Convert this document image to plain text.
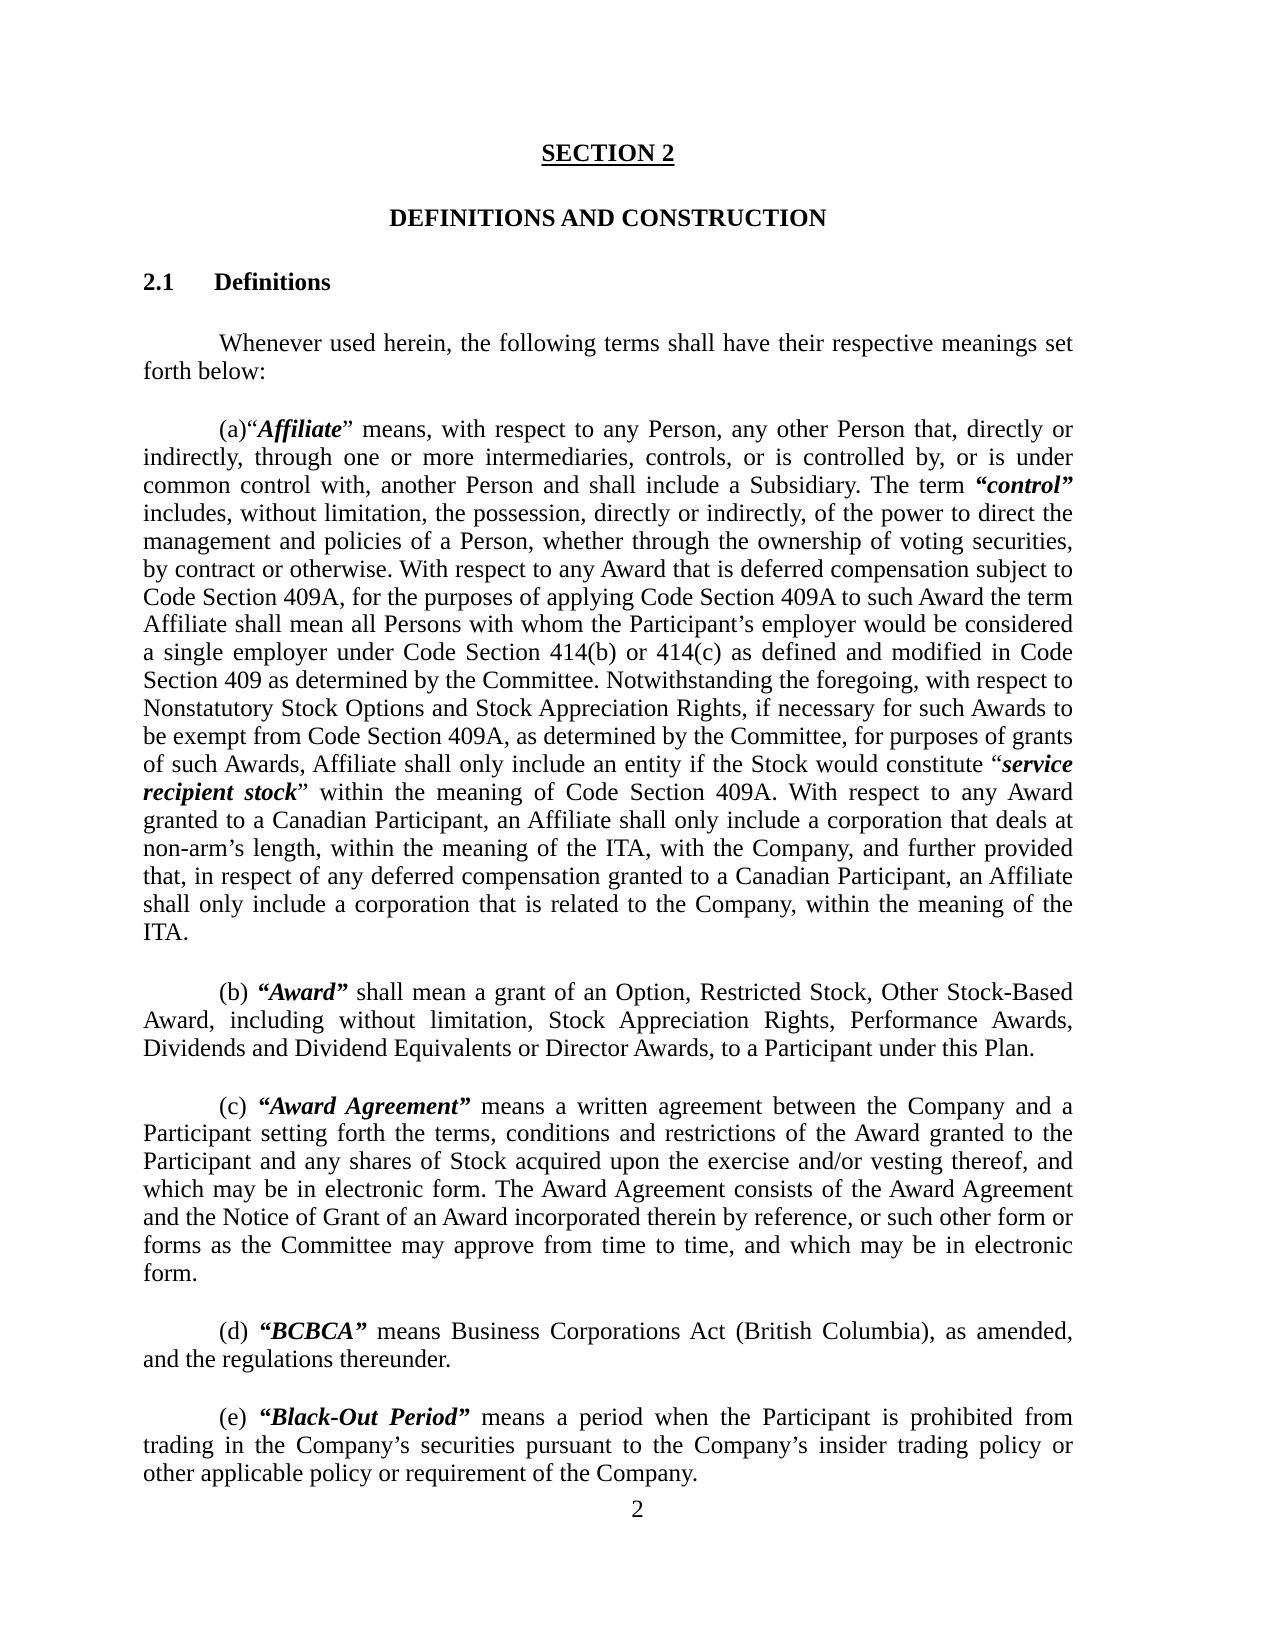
SECTION 2
DEFINITIONS AND CONSTRUCTION
2.1	Definitions

Whenever used herein, the following terms shall have their respective meanings set forth below:

(a)“Affiliate” means, with respect to any Person, any other Person that, directly or indirectly, through one or more intermediaries, controls, or is controlled by, or is under common control with, another Person and shall include a Subsidiary. The term “control” includes, without limitation, the possession, directly or indirectly, of the power to direct the management and policies of a Person, whether through the ownership of voting securities, by contract or otherwise. With respect to any Award that is deferred compensation subject to Code Section 409A, for the purposes of applying Code Section 409A to such Award the term Affiliate shall mean all Persons with whom the Participant’s employer would be considered a single employer under Code Section 414(b) or 414(c) as defined and modified in Code Section 409 as determined by the Committee. Notwithstanding the foregoing, with respect to Nonstatutory Stock Options and Stock Appreciation Rights, if necessary for such Awards to be exempt from Code Section 409A, as determined by the Committee, for purposes of grants of such Awards, Affiliate shall only include an entity if the Stock would constitute “service recipient stock” within the meaning of Code Section 409A. With respect to any Award granted to a Canadian Participant, an Affiliate shall only include a corporation that deals at non-arm’s length, within the meaning of the ITA, with the Company, and further provided that, in respect of any deferred compensation granted to a Canadian Participant, an Affiliate shall only include a corporation that is related to the Company, within the meaning of the ITA.

(b) “Award” shall mean a grant of an Option, Restricted Stock, Other Stock-Based Award, including without limitation, Stock Appreciation Rights, Performance Awards, Dividends and Dividend Equivalents or Director Awards, to a Participant under this Plan.

(c) “Award Agreement” means a written agreement between the Company and a Participant setting forth the terms, conditions and restrictions of the Award granted to the Participant and any shares of Stock acquired upon the exercise and/or vesting thereof, and which may be in electronic form. The Award Agreement consists of the Award Agreement and the Notice of Grant of an Award incorporated therein by reference, or such other form or forms as the Committee may approve from time to time, and which may be in electronic form.

(d) “BCBCA” means Business Corporations Act (British Columbia), as amended, and the regulations thereunder.

(e) “Black-Out Period” means a period when the Participant is prohibited from trading in the Company’s securities pursuant to the Company’s insider trading policy or other applicable policy or requirement of the Company.

2
